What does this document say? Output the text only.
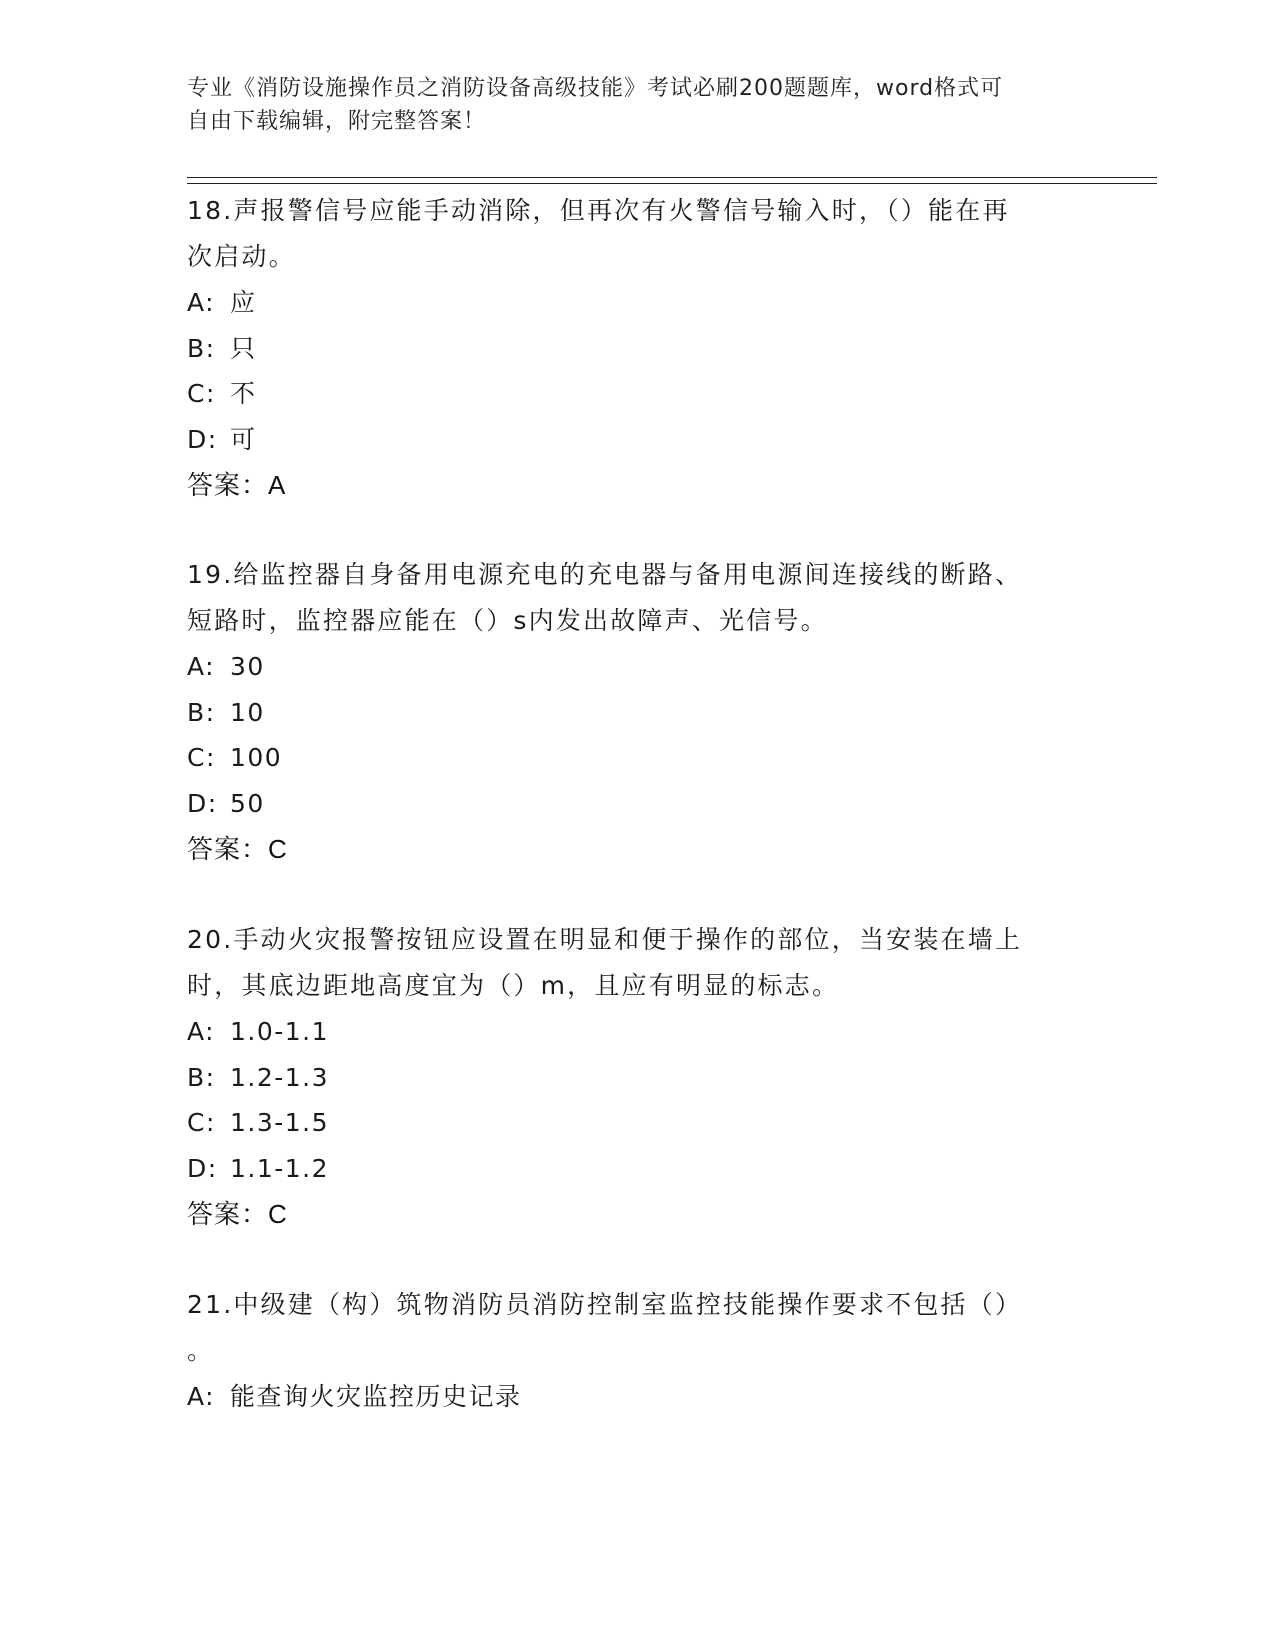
专业《消防设施操作员之消防设备高级技能》考试必刷200题题库，word格式可
自由下载编辑，附完整答案！

18.声报警信号应能手动消除，但再次有火警信号输入时，（）能在再
次启动。

A: 应
B: 只
C: 不
D: 可

答案：A

19.给监控器自身备用电源充电的充电器与备用电源间连接线的断路、
短路时，监控器应能在（）s内发出故障声、光信号。

A: 30
B: 10
C: 100
D: 50

答案：C

20.手动火灾报警按钮应设置在明显和便于操作的部位，当安装在墙上
时，其底边距地高度宜为（）m，且应有明显的标志。

A: 1.0-1.1
B: 1.2-1.3
C: 1.3-1.5
D: 1.1-1.2

答案：C

21.中级建（构）筑物消防员消防控制室监控技能操作要求不包括（）
。

A: 能查询火灾监控历史记录
